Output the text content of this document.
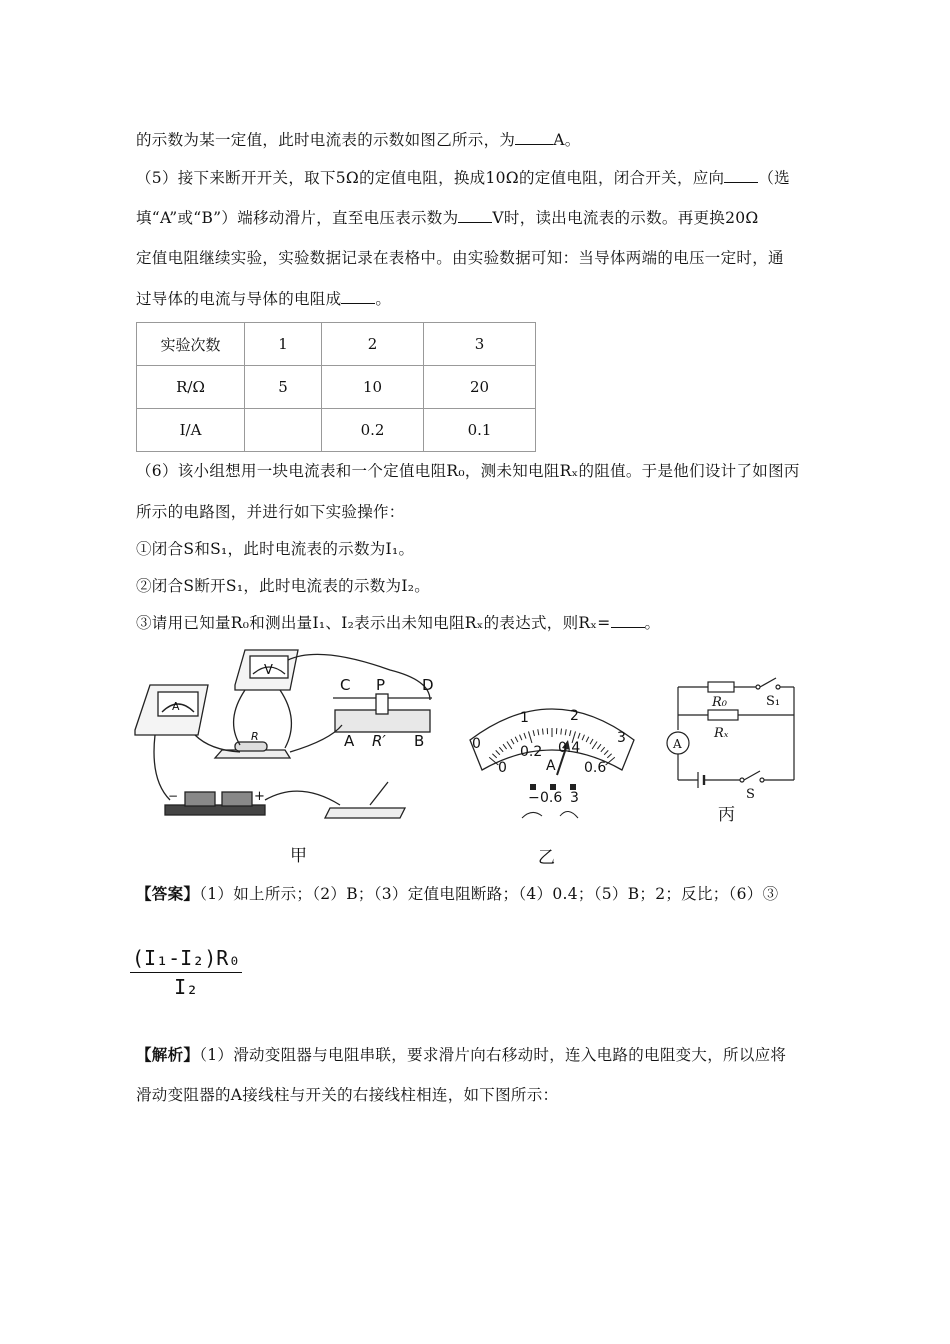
的示数为某一定值，此时电流表的示数如图乙所示，为 A。
（5）接下来断开开关，取下5Ω的定值电阻，换成10Ω的定值电阻，闭合开关，应向 （选
填“A”或“B”）端移动滑片，直至电压表示数为 V时，读出电流表的示数。再更换20Ω
定值电阻继续实验，实验数据记录在表格中。由实验数据可知：当导体两端的电压一定时，通
过导体的电流与导体的电阻成 。
实验次数	1	2	3
R/Ω	5	10	20
I/A		0.2	0.1
（6）该小组想用一块电流表和一个定值电阻R₀，测未知电阻Rₓ的阻值。于是他们设计了如图丙
所示的电路图，并进行如下实验操作：
①闭合S和S₁，此时电流表的示数为I₁。
②闭合S断开S₁，此时电流表的示数为I₂。
③请用已知量R₀和测出量I₁、I₂表示出未知电阻Rₓ的表达式，则Rₓ= 。
C P D
A R′ B
R
V
A
−	+
甲
0
1	2
3
0
0.2 0.4
0.6
A
− 0.6 3
乙
A
R₀
Rₓ
S₁
S
丙
【答案】（1）如上所示；（2）B；（3）定值电阻断路；（4）0.4；（5）B；2；反比；（6）③
$\frac{\text{(I₁-I₂)R₀}}{\text{I₂}}$
【解析】（1）滑动变阻器与电阻串联，要求滑片向右移动时，连入电路的电阻变大，所以应将
滑动变阻器的A接线柱与开关的右接线柱相连，如下图所示：
